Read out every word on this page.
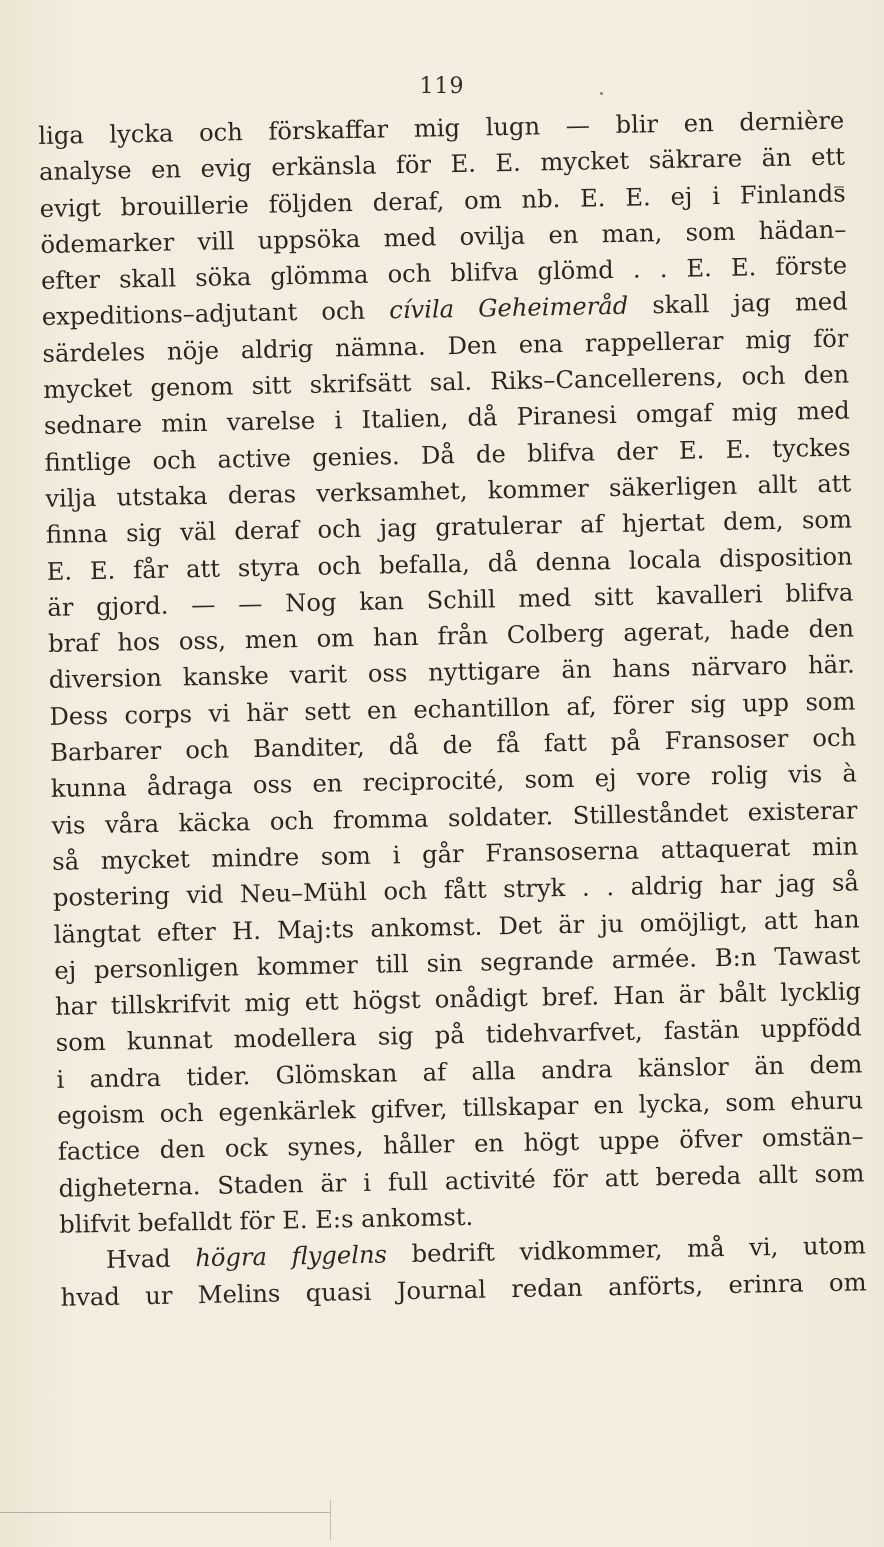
119
liga lycka och förskaffar mig lugn — blir en dernière
analyse en evig erkänsla för E. E. mycket säkrare än ett
evigt brouillerie följden deraf, om nb. E. E. ej i Finlands
ödemarker vill uppsöka med ovilja en man, som hädan–
efter skall söka glömma och blifva glömd . . E. E. förste
expeditions–adjutant och cívila Geheimeråd skall jag med
särdeles nöje aldrig nämna. Den ena rappellerar mig för
mycket genom sitt skrifsätt sal. Riks–Cancellerens, och den
sednare min varelse i Italien, då Piranesi omgaf mig med
fintlige och active genies. Då de blifva der E. E. tyckes
vilja utstaka deras verksamhet, kommer säkerligen allt att
finna sig väl deraf och jag gratulerar af hjertat dem, som
E. E. får att styra och befalla, då denna locala disposition
är gjord. — — Nog kan Schill med sitt kavalleri blifva
braf hos oss, men om han från Colberg agerat, hade den
diversion kanske varit oss nyttigare än hans närvaro här.
Dess corps vi här sett en echantillon af, förer sig upp som
Barbarer och Banditer, då de få fatt på Fransoser och
kunna ådraga oss en reciprocité, som ej vore rolig vis à
vis våra käcka och fromma soldater. Stilleståndet existerar
så mycket mindre som i går Fransoserna attaquerat min
postering vid Neu–Mühl och fått stryk . . aldrig har jag så
längtat efter H. Maj:ts ankomst. Det är ju omöjligt, att han
ej personligen kommer till sin segrande armée. B:n Tawast
har tillskrifvit mig ett högst onådigt bref. Han är bålt lycklig
som kunnat modellera sig på tidehvarfvet, fastän uppfödd
i andra tider. Glömskan af alla andra känslor än dem
egoism och egenkärlek gifver, tillskapar en lycka, som ehuru
factice den ock synes, håller en högt uppe öfver omstän–
digheterna. Staden är i full activité för att bereda allt som
blifvit befalldt för E. E:s ankomst.
Hvad högra flygelns bedrift vidkommer, må vi, utom
hvad ur Melins quasi Journal redan anförts, erinra om
